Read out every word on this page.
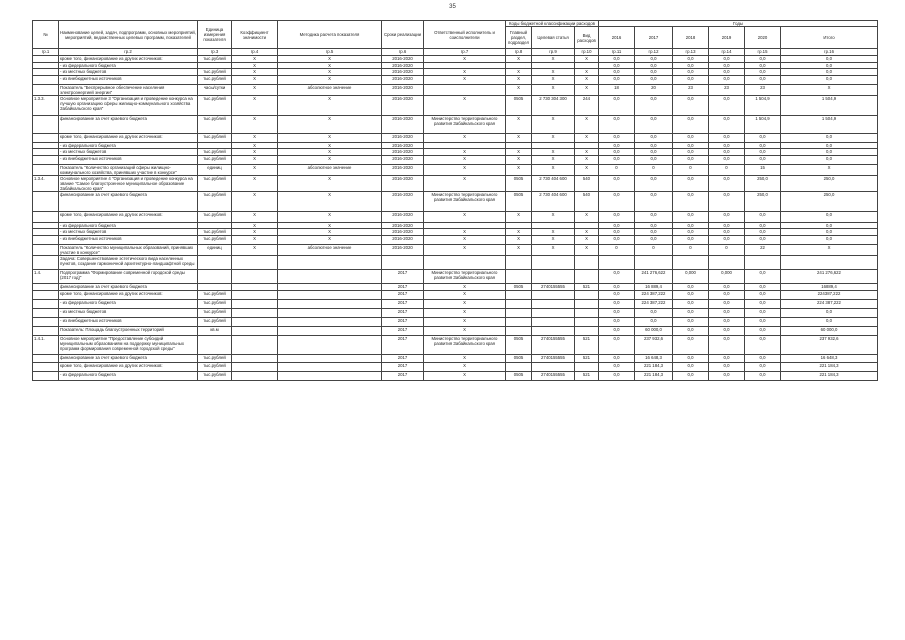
35
№	Наименование целей, задач, подпрограмм, основных мероприятий, мероприятий, ведомственных целевых программ, показателей	Единица измерения показателя	Коэффициент значимости	Методика расчета показателя	Сроки реализации	Ответственный исполнитель и соисполнители	Коды бюджетной классификации расходов			Годы					
							Главный раздел, подраздел	Целевая статья	Вид расходов	2016	2017	2018	2019	2020	Итого
гр.1	гр.2	гр.3	гр.4	гр.5	гр.6	гр.7	гр.8	гр.9	гр.10	гр.11	гр.12	гр.13	гр.14	гр.15	гр.16
	кроме того, финансирование из других источников:	тыс.рублей	Х	Х	2016-2020	Х	Х	Х	Х	0,0	0,0	0,0	0,0	0,0	0,0
	- из федерального бюджета		Х	Х	2016-2020					0,0	0,0	0,0	0,0	0,0	0,0
	- из местных бюджетов	тыс.рублей	Х	Х	2016-2020	Х	Х	Х	Х	0,0	0,0	0,0	0,0	0,0	0,0
	- из внебюджетных источников	тыс.рублей	Х	Х	2016-2020	Х	Х	Х	Х	0,0	0,0	0,0	0,0	0,0	0,0
	Показатель "Беспрерывное обеспечение населения электроэнергией энергии"	часы/сутки	Х	абсолютное значение	2016-2020		Х	Х	Х	18	20	23	23	23	Х
1.3.3.	Основное мероприятие 3 "Организация и проведение конкурса на лучшую организацию сферы жилищно-коммунального хозяйства Забайкальского края"	тыс.рублей	Х	Х	2016-2020	Х	0505	2 730 304 300	244	0,0	0,0	0,0	0,0	1 504,9	1 504,9
	финансирование за счет краевого бюджета	тыс.рублей	Х	Х	2016-2020	Министерство территориального развития Забайкальского края	Х	Х	Х	0,0	0,0	0,0	0,0	1 504,9	1 504,9
	кроме того, финансирование из других источников:	тыс.рублей	Х	Х	2016-2020	Х	Х	Х	Х	0,0	0,0	0,0	0,0	0,0	0,0
	- из федерального бюджета		Х	Х	2016-2020					0,0	0,0	0,0	0,0	0,0	0,0
	- из местных бюджетов	тыс.рублей	Х	Х	2016-2020	Х	Х	Х	Х	0,0	0,0	0,0	0,0	0,0	0,0
	- из внебюджетных источников	тыс.рублей	Х	Х	2016-2020	Х	Х	Х	Х	0,0	0,0	0,0	0,0	0,0	0,0
	Показатель "Количество организаций сферы жилищно-коммунального хозяйства, принявших участие в конкурсе"	единиц	Х	абсолютное значение	2016-2020	Х	Х	Х	Х	0	0	0	0	15	Х
1.3.4.	Основное мероприятие 4 "Организация и проведение конкурса на звание "Самое благоустроенное муниципальное образование Забайкальского края"	тыс.рублей	Х	Х	2016-2020	Х	0505	2 730 404 600	540	0,0	0,0	0,0	0,0	250,0	250,0
	финансирование за счет краевого бюджета	тыс.рублей	Х	Х	2016-2020	Министерство территориального развития Забайкальского края	0505	2 730 404 600	540	0,0	0,0	0,0	0,0	250,0	250,0
	кроме того, финансирование из других источников:	тыс.рублей	Х	Х	2016-2020	Х	Х	Х	Х	0,0	0,0	0,0	0,0	0,0	0,0
	- из федерального бюджета		Х	Х	2016-2020					0,0	0,0	0,0	0,0	0,0	0,0
	- из местных бюджетов	тыс.рублей	Х	Х	2016-2020	Х	Х	Х	Х	0,0	0,0	0,0	0,0	0,0	0,0
	- из внебюджетных источников	тыс.рублей	Х	Х	2016-2020	Х	Х	Х	Х	0,0	0,0	0,0	0,0	0,0	0,0
	Показатель "Количество муниципальных образований, принявших участие в конкурсе"	единиц	Х	абсолютное значение	2016-2020	Х	Х	Х	Х	0	0	0	0	22	Х
	Задача: Совершенствование эстетического вида населенных пунктов, создание гармоничной архитектурно-ландшафтной среды														
1.4.	Подпрограмма "Формирование современной городской среды (2017 год)"				2017	Министерство территориального развития Забайкальского края				0,0	241 276,622	0,000	0,000	0,0	241 276,622
	финансирование за счет краевого бюджета				2017	Х	0505	2740155555	521	0,0	16 889,4	0,0	0,0	0,0	16889,4
	кроме того, финансирование из других источников:	тыс.рублей			2017	Х				0,0	224 387,222	0,0	0,0	0,0	224387,222
	- из федерального бюджета	тыс.рублей			2017	Х				0,0	224 387,222	0,0	0,0	0,0	224 387,222
	- из местных бюджетов	тыс.рублей			2017	Х				0,0	0,0	0,0	0,0	0,0	0,0
	- из внебюджетных источников	тыс.рублей			2017	Х				0,0	0,0	0,0	0,0	0,0	0,0
	Показатель: Площадь благоустроенных территорий	кв.м			2017	Х				0,0	60 000,0	0,0	0,0	0,0	60 000,0
1.4.1.	Основное мероприятие "Предоставление субсидий муниципальным образованиям на поддержку муниципальных программ формирования современной городской среды"				2017	Министерство территориального развития Забайкальского края	0505	2740155555	521	0,0	237 932,6	0,0	0,0	0,0	237 932,6
	финансирование за счет краевого бюджета	тыс.рублей			2017	Х	0505	2740155555	521	0,0	16 648,3	0,0	0,0	0,0	16 648,3
	кроме того, финансирование из других источников:	тыс.рублей			2017	Х				0,0	221 184,3	0,0	0,0	0,0	221 184,3
	- из федерального бюджета	тыс.рублей			2017	Х	0505	2740155555	521	0,0	221 184,3	0,0	0,0	0,0	221 184,3
